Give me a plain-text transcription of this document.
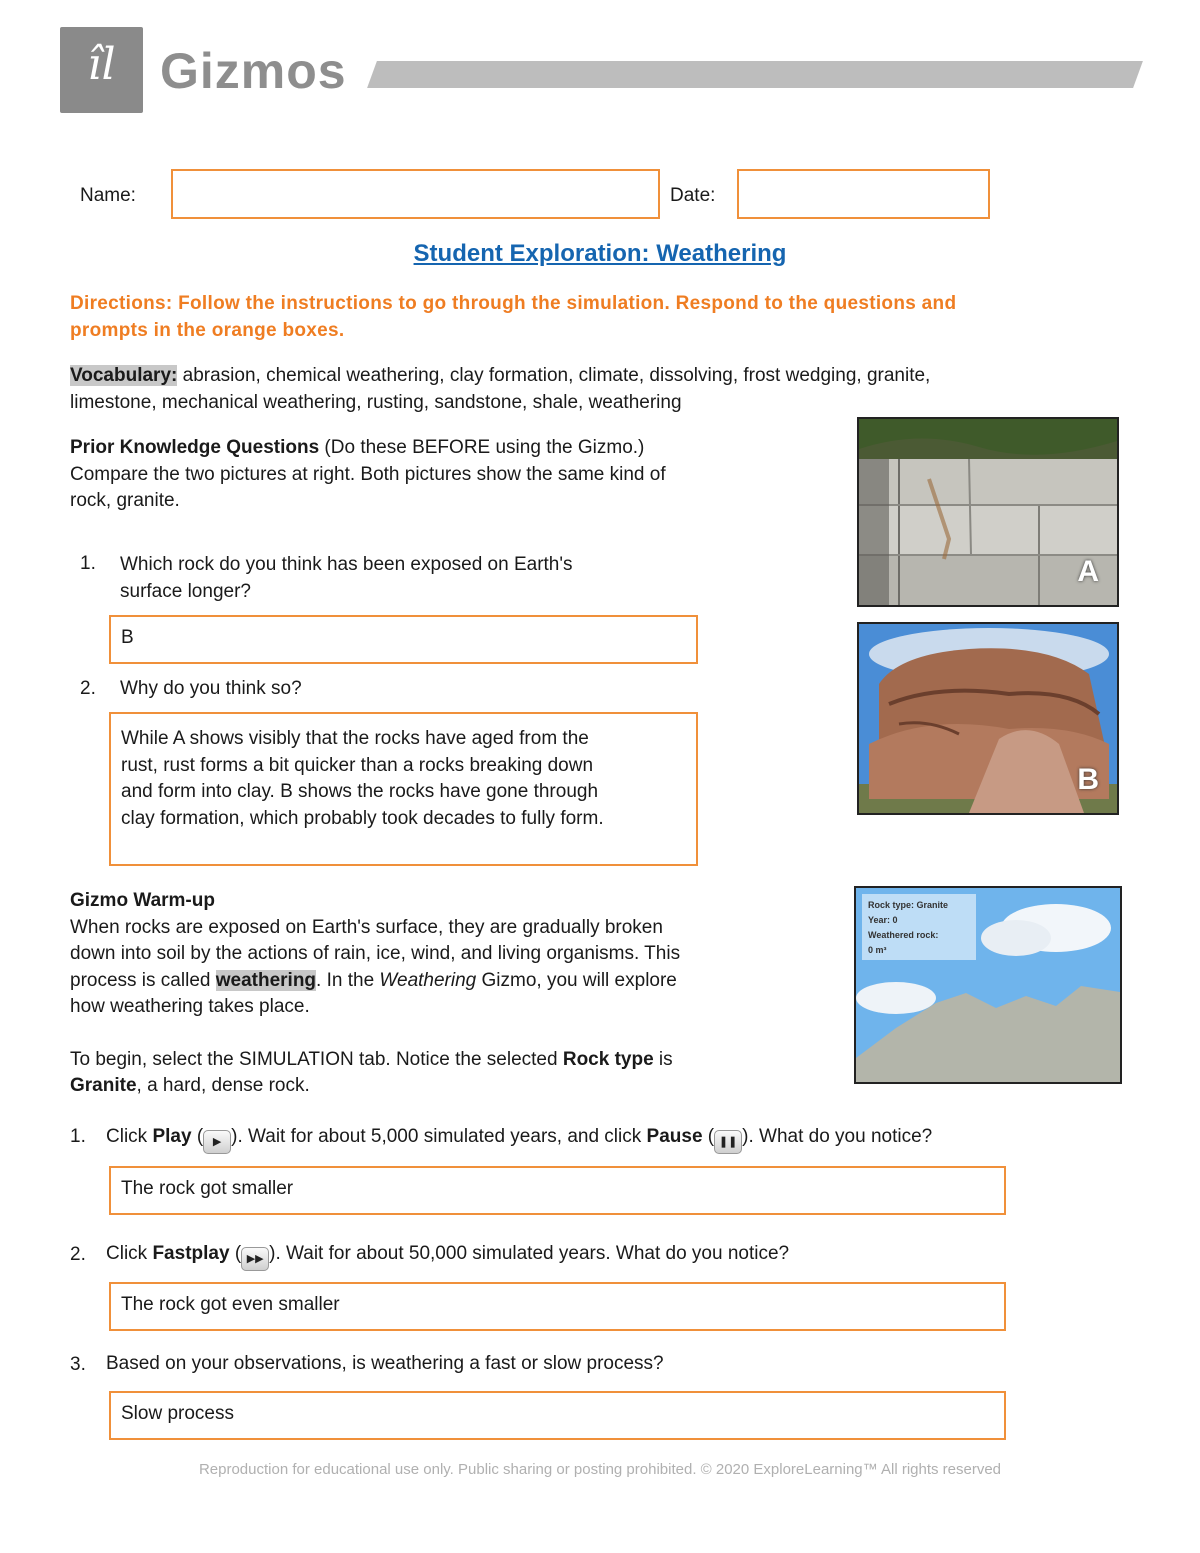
îl Gizmos
Name:	Date:
Student Exploration: Weathering
Directions: Follow the instructions to go through the simulation. Respond to the questions and
prompts in the orange boxes.
Vocabulary: abrasion, chemical weathering, clay formation, climate, dissolving, frost wedging, granite,
limestone, mechanical weathering, rusting, sandstone, shale, weathering
Prior Knowledge Questions (Do these BEFORE using the Gizmo.)
Compare the two pictures at right. Both pictures show the same kind of
rock, granite.
1. Which rock do you think has been exposed on Earth's
surface longer?
B
2. Why do you think so?
While A shows visibly that the rocks have aged from the
rust, rust forms a bit quicker than a rocks breaking down
and form into clay. B shows the rocks have gone through
clay formation, which probably took decades to fully form.
A
B
Gizmo Warm-up
When rocks are exposed on Earth's surface, they are gradually broken
down into soil by the actions of rain, ice, wind, and living organisms. This
process is called weathering. In the Weathering Gizmo, you will explore
how weathering takes place.
To begin, select the SIMULATION tab. Notice the selected Rock type is
Granite, a hard, dense rock.
Rock type: Granite
Year: 0
Weathered rock:
0 m³
1. Click Play ( ▶ ). Wait for about 5,000 simulated years, and click Pause ( ❚❚ ). What do you notice?
The rock got smaller
2. Click Fastplay ( ▶▶ ). Wait for about 50,000 simulated years. What do you notice?
The rock got even smaller
3. Based on your observations, is weathering a fast or slow process?
Slow process
Reproduction for educational use only. Public sharing or posting prohibited. © 2020 ExploreLearning™ All rights reserved
